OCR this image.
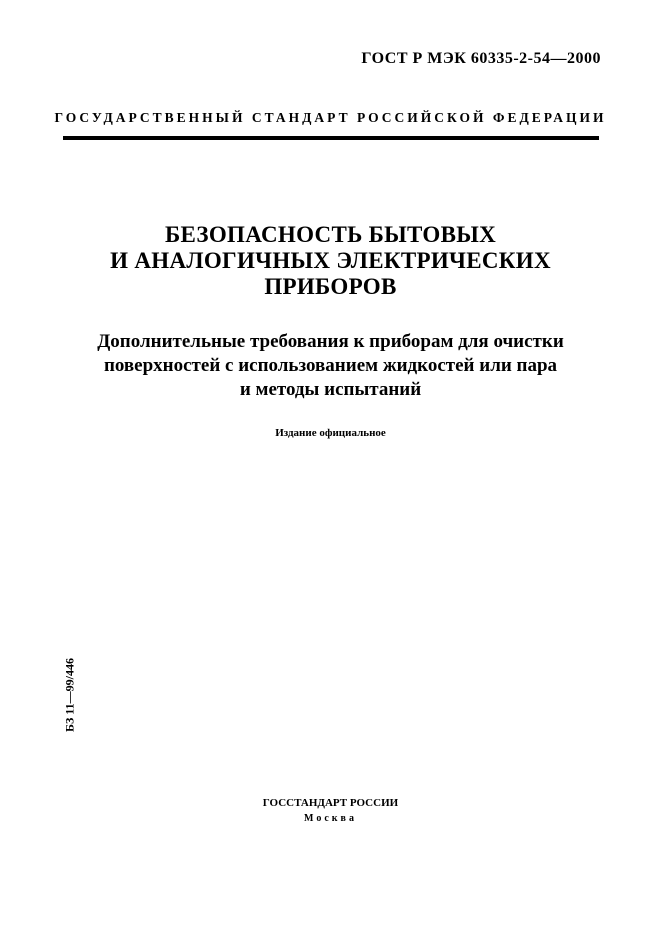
ГОСТ Р МЭК 60335-2-54—2000
ГОСУДАРСТВЕННЫЙ СТАНДАРТ РОССИЙСКОЙ ФЕДЕРАЦИИ
БЕЗОПАСНОСТЬ БЫТОВЫХ
И АНАЛОГИЧНЫХ ЭЛЕКТРИЧЕСКИХ
ПРИБОРОВ
Дополнительные требования к приборам для очистки
поверхностей с использованием жидкостей или пара
и методы испытаний
Издание официальное
БЗ 11—99/446
ГОССТАНДАРТ РОССИИ
Москва
